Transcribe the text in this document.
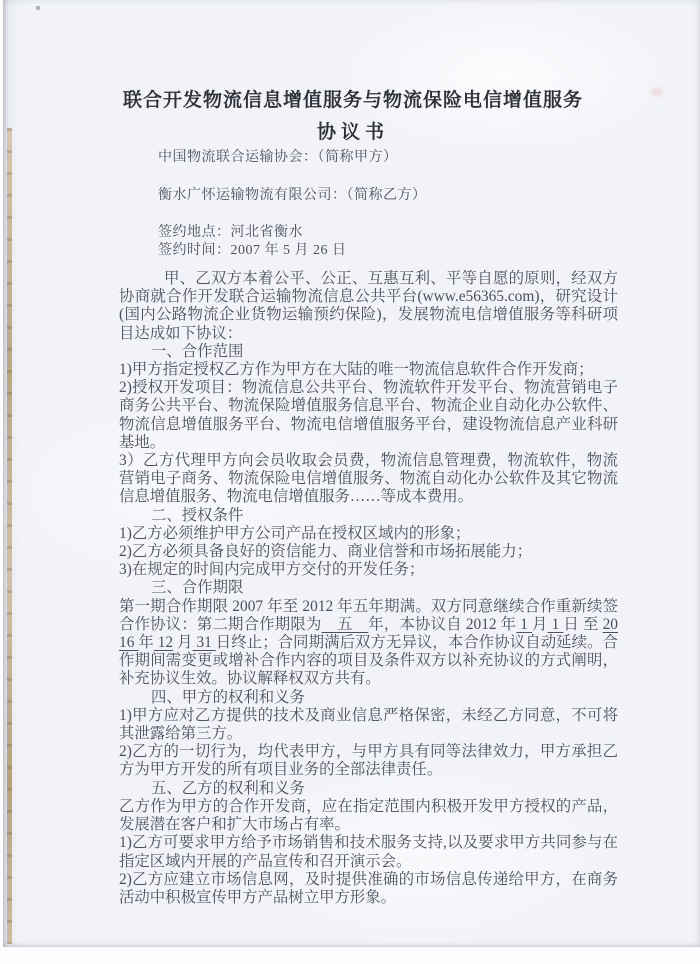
联合开发物流信息增值服务与物流保险电信增值服务
协议书

中国物流联合运输协会：（简称甲方）

衡水广怀运输物流有限公司：（简称乙方）

签约地点：河北省衡水

签约时间：2007 年 5 月 26 日

甲、乙双方本着公平、公正、互惠互利、平等自愿的原则，经双方协商就合作开发联合运输物流信息公共平台(www.e56365.com)，研究设计(国内公路物流企业货物运输预约保险)，发展物流电信增值服务等科研项目达成如下协议：

一、合作范围

1)甲方指定授权乙方作为甲方在大陆的唯一物流信息软件合作开发商；

2)授权开发项目：物流信息公共平台、物流软件开发平台、物流营销电子商务公共平台、物流保险增值服务信息平台、物流企业自动化办公软件、物流信息增值服务平台、物流电信增值服务平台，建设物流信息产业科研基地。

3）乙方代理甲方向会员收取会员费，物流信息管理费，物流软件，物流营销电子商务、物流保险电信增值服务、物流自动化办公软件及其它物流信息增值服务、物流电信增值服务……等成本费用。

二、授权条件

1)乙方必须维护甲方公司产品在授权区域内的形象；

2)乙方必须具备良好的资信能力、商业信誉和市场拓展能力；

3)在规定的时间内完成甲方交付的开发任务；

三、合作期限

第一期合作期限 2007 年至 2012 年五年期满。双方同意继续合作重新续签合作协议：第二期合作期限为　五　年，本协议自 2012 年 1 月 1 日 至 2016 年 12 月 31 日终止；合同期满后双方无异议，本合作协议自动延续。合作期间需变更或增补合作内容的项目及条件双方以补充协议的方式阐明，补充协议生效。协议解释权双方共有。

四、甲方的权利和义务

1)甲方应对乙方提供的技术及商业信息严格保密，未经乙方同意，不可将其泄露给第三方。

2)乙方的一切行为，均代表甲方，与甲方具有同等法律效力，甲方承担乙方为甲方开发的所有项目业务的全部法律责任。

五、乙方的权利和义务

乙方作为甲方的合作开发商，应在指定范围内积极开发甲方授权的产品，发展潜在客户和扩大市场占有率。

1)乙方可要求甲方给予市场销售和技术服务支持,以及要求甲方共同参与在指定区域内开展的产品宣传和召开演示会。

2)乙方应建立市场信息网，及时提供准确的市场信息传递给甲方，在商务活动中积极宣传甲方产品树立甲方形象。
